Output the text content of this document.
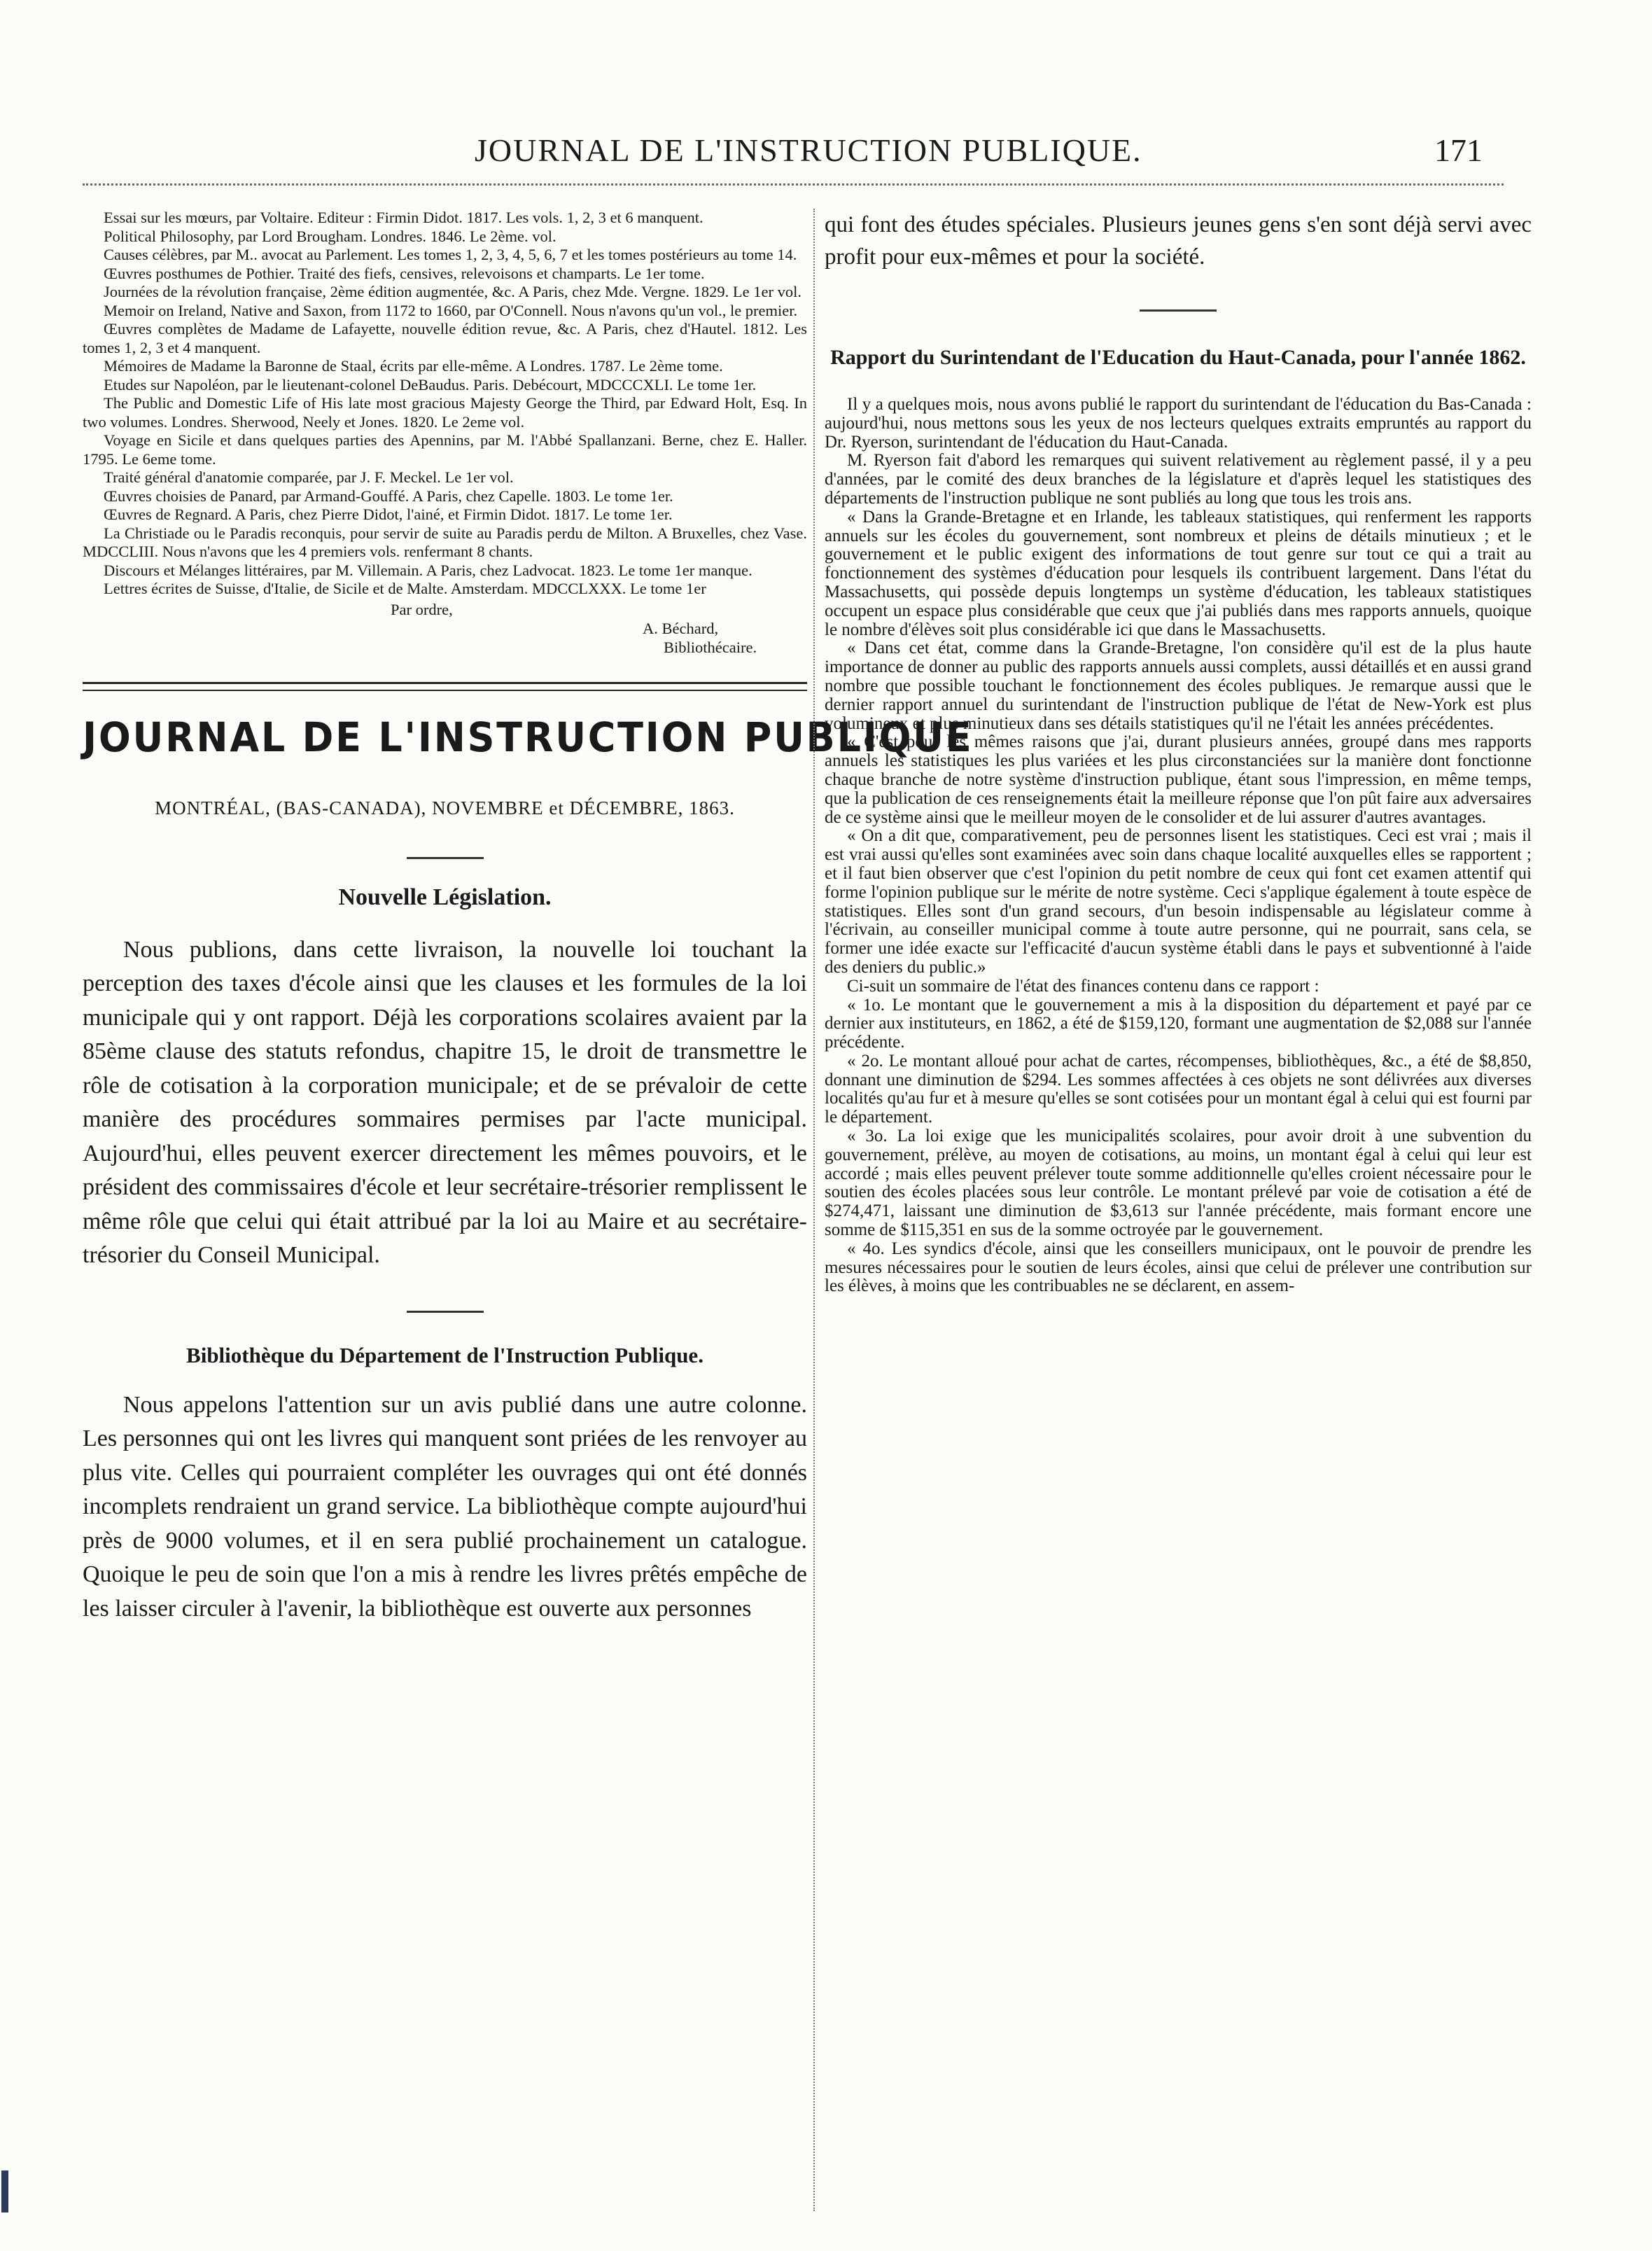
JOURNAL DE L'INSTRUCTION PUBLIQUE.	171

Essai sur les mœurs, par Voltaire. Editeur : Firmin Didot. 1817. Les vols. 1, 2, 3 et 6 manquent.

Political Philosophy, par Lord Brougham. Londres. 1846. Le 2ème. vol.

Causes célèbres, par M.. avocat au Parlement. Les tomes 1, 2, 3, 4, 5, 6, 7 et les tomes postérieurs au tome 14.

Œuvres posthumes de Pothier. Traité des fiefs, censives, relevoisons et champarts. Le 1er tome.

Journées de la révolution française, 2ème édition augmentée, &c. A Paris, chez Mde. Vergne. 1829. Le 1er vol.

Memoir on Ireland, Native and Saxon, from 1172 to 1660, par O'Connell. Nous n'avons qu'un vol., le premier.

Œuvres complètes de Madame de Lafayette, nouvelle édition revue, &c. A Paris, chez d'Hautel. 1812. Les tomes 1, 2, 3 et 4 manquent.

Mémoires de Madame la Baronne de Staal, écrits par elle-même. A Londres. 1787. Le 2ème tome.

Etudes sur Napoléon, par le lieutenant-colonel DeBaudus. Paris. Debécourt, MDCCCXLI. Le tome 1er.

The Public and Domestic Life of His late most gracious Majesty George the Third, par Edward Holt, Esq. In two volumes. Londres. Sherwood, Neely et Jones. 1820. Le 2eme vol.

Voyage en Sicile et dans quelques parties des Apennins, par M. l'Abbé Spallanzani. Berne, chez E. Haller. 1795. Le 6eme tome.

Traité général d'anatomie comparée, par J. F. Meckel. Le 1er vol.

Œuvres choisies de Panard, par Armand-Gouffé. A Paris, chez Capelle. 1803. Le tome 1er.

Œuvres de Regnard. A Paris, chez Pierre Didot, l'ainé, et Firmin Didot. 1817. Le tome 1er.

La Christiade ou le Paradis reconquis, pour servir de suite au Paradis perdu de Milton. A Bruxelles, chez Vase. MDCCLIII. Nous n'avons que les 4 premiers vols. renfermant 8 chants.

Discours et Mélanges littéraires, par M. Villemain. A Paris, chez Ladvocat. 1823. Le tome 1er manque.

Lettres écrites de Suisse, d'Italie, de Sicile et de Malte. Amsterdam. MDCCLXXX. Le tome 1er

Par ordre,

A. Béchard,

Bibliothécaire.

JOURNAL DE L'INSTRUCTION PUBLIQUE
MONTRÉAL, (BAS-CANADA), NOVEMBRE et DÉCEMBRE, 1863.
Nouvelle Législation.

Nous publions, dans cette livraison, la nouvelle loi touchant la perception des taxes d'école ainsi que les clauses et les formules de la loi municipale qui y ont rapport. Déjà les corporations scolaires avaient par la 85ème clause des statuts refondus, chapitre 15, le droit de transmettre le rôle de cotisation à la corporation municipale; et de se prévaloir de cette manière des procédures sommaires permises par l'acte municipal. Aujourd'hui, elles peuvent exercer directement les mêmes pouvoirs, et le président des commissaires d'école et leur secrétaire-trésorier remplissent le même rôle que celui qui était attribué par la loi au Maire et au secrétaire-trésorier du Conseil Municipal.

Bibliothèque du Département de l'Instruction Publique.

Nous appelons l'attention sur un avis publié dans une autre colonne. Les personnes qui ont les livres qui manquent sont priées de les renvoyer au plus vite. Celles qui pourraient compléter les ouvrages qui ont été donnés incomplets rendraient un grand service. La bibliothèque compte aujourd'hui près de 9000 volumes, et il en sera publié prochainement un catalogue. Quoique le peu de soin que l'on a mis à rendre les livres prêtés empêche de les laisser circuler à l'avenir, la bibliothèque est ouverte aux personnes

qui font des études spéciales. Plusieurs jeunes gens s'en sont déjà servi avec profit pour eux-mêmes et pour la société.

Rapport du Surintendant de l'Education du Haut-Canada, pour l'année 1862.

Il y a quelques mois, nous avons publié le rapport du surintendant de l'éducation du Bas-Canada : aujourd'hui, nous mettons sous les yeux de nos lecteurs quelques extraits empruntés au rapport du Dr. Ryerson, surintendant de l'éducation du Haut-Canada.

M. Ryerson fait d'abord les remarques qui suivent relativement au règlement passé, il y a peu d'années, par le comité des deux branches de la législature et d'après lequel les statistiques des départements de l'instruction publique ne sont publiés au long que tous les trois ans.

« Dans la Grande-Bretagne et en Irlande, les tableaux statistiques, qui renferment les rapports annuels sur les écoles du gouvernement, sont nombreux et pleins de détails minutieux ; et le gouvernement et le public exigent des informations de tout genre sur tout ce qui a trait au fonctionnement des systèmes d'éducation pour lesquels ils contribuent largement. Dans l'état du Massachusetts, qui possède depuis longtemps un système d'éducation, les tableaux statistiques occupent un espace plus considérable que ceux que j'ai publiés dans mes rapports annuels, quoique le nombre d'élèves soit plus considérable ici que dans le Massachusetts.

« Dans cet état, comme dans la Grande-Bretagne, l'on considère qu'il est de la plus haute importance de donner au public des rapports annuels aussi complets, aussi détaillés et en aussi grand nombre que possible touchant le fonctionnement des écoles publiques. Je remarque aussi que le dernier rapport annuel du surintendant de l'instruction publique de l'état de New-York est plus volumineux et plus minutieux dans ses détails statistiques qu'il ne l'était les années précédentes.

« C'est pour les mêmes raisons que j'ai, durant plusieurs années, groupé dans mes rapports annuels les statistiques les plus variées et les plus circonstanciées sur la manière dont fonctionne chaque branche de notre système d'instruction publique, étant sous l'impression, en même temps, que la publication de ces renseignements était la meilleure réponse que l'on pût faire aux adversaires de ce système ainsi que le meilleur moyen de le consolider et de lui assurer d'autres avantages.

« On a dit que, comparativement, peu de personnes lisent les statistiques. Ceci est vrai ; mais il est vrai aussi qu'elles sont examinées avec soin dans chaque localité auxquelles elles se rapportent ; et il faut bien observer que c'est l'opinion du petit nombre de ceux qui font cet examen attentif qui forme l'opinion publique sur le mérite de notre système. Ceci s'applique également à toute espèce de statistiques. Elles sont d'un grand secours, d'un besoin indispensable au législateur comme à l'écrivain, au conseiller municipal comme à toute autre personne, qui ne pourrait, sans cela, se former une idée exacte sur l'efficacité d'aucun système établi dans le pays et subventionné à l'aide des deniers du public.»

Ci-suit un sommaire de l'état des finances contenu dans ce rapport :

« 1o. Le montant que le gouvernement a mis à la disposition du département et payé par ce dernier aux instituteurs, en 1862, a été de $159,120, formant une augmentation de $2,088 sur l'année précédente.

« 2o. Le montant alloué pour achat de cartes, récompenses, bibliothèques, &c., a été de $8,850, donnant une diminution de $294. Les sommes affectées à ces objets ne sont délivrées aux diverses localités qu'au fur et à mesure qu'elles se sont cotisées pour un montant égal à celui qui est fourni par le département.

« 3o. La loi exige que les municipalités scolaires, pour avoir droit à une subvention du gouvernement, prélève, au moyen de cotisations, au moins, un montant égal à celui qui leur est accordé ; mais elles peuvent prélever toute somme additionnelle qu'elles croient nécessaire pour le soutien des écoles placées sous leur contrôle. Le montant prélevé par voie de cotisation a été de $274,471, laissant une diminution de $3,613 sur l'année précédente, mais formant encore une somme de $115,351 en sus de la somme octroyée par le gouvernement.

« 4o. Les syndics d'école, ainsi que les conseillers municipaux, ont le pouvoir de prendre les mesures nécessaires pour le soutien de leurs écoles, ainsi que celui de prélever une contribution sur les élèves, à moins que les contribuables ne se déclarent, en assem-
